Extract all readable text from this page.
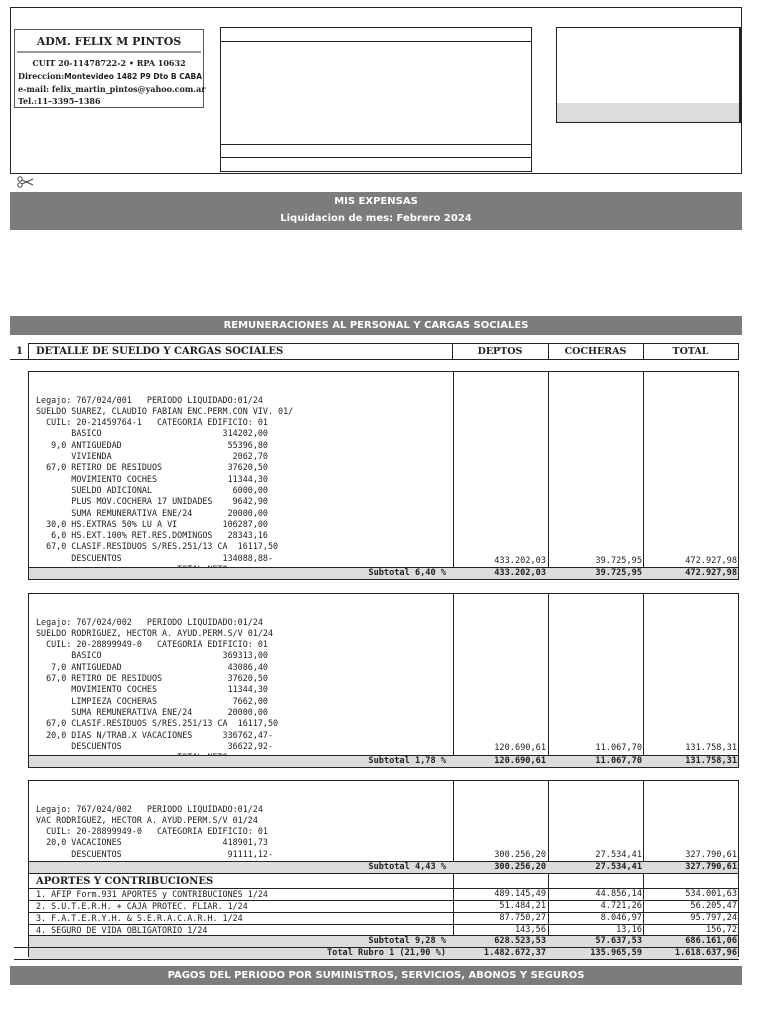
ADM. FELIX M PINTOS
CUIT 20-11478722-2 • RPA 10632
Direccion:Montevideo 1482 P9 Dto B CABA
e-mail: felix_martin_pintos@yahoo.com.ar
Tel.:11–3395–1386
MIS EXPENSAS
Liquidacion de mes: Febrero 2024
REMUNERACIONES AL PERSONAL Y CARGAS SOCIALES
1 DETALLE DE SUELDO Y CARGAS SOCIALES	DEPTOS	COCHERAS	TOTAL

Legajo: 767/024/001   PERIODO LIQUIDADO:01/24
SUELDO SUAREZ, CLAUDIO FABIAN ENC.PERM.CON VIV. 01/
CUIL: 20-21459764-1   CATEGORIA EDIFICIO: 01
BASICO                        314202,00
9,0 ANTIGUEDAD                     55396,80
VIVIENDA                        2062,70
67,0 RETIRO DE RESIDUOS             37620,50
MOVIMIENTO COCHES              11344,30
SUELDO ADICIONAL                6000,00
PLUS MOV.COCHERA 17 UNIDADES    9642,90
SUMA REMUNERATIVA ENE/24       20000,00
30,0 HS.EXTRAS 50% LU A VI         106287,00
6,0 HS.EXT.100% RET.RES.DOMINGOS   28343,16
67,0 CLASIF.RESIDUOS S/RES.251/13 CA  16117,50
DESCUENTOS                    134088,88-	433.202,03	39.725,95	472.927,98
Subtotal 6,40 %	433.202,03	39.725,95	472.927,98

Legajo: 767/024/002   PERIODO LIQUIDADO:01/24
SUELDO RODRIGUEZ, HECTOR A. AYUD.PERM.S/V 01/24
CUIL: 20-28899949-0   CATEGORIA EDIFICIO: 01
BASICO                        369313,00
7,0 ANTIGUEDAD                     43086,40
67,0 RETIRO DE RESIDUOS             37620,50
MOVIMIENTO COCHES              11344,30
LIMPIEZA COCHERAS               7662,00
SUMA REMUNERATIVA ENE/24       20000,00
67,0 CLASIF.RESIDUOS S/RES.251/13 CA  16117,50
20,0 DIAS N/TRAB.X VACACIONES      336762,47-
DESCUENTOS                     36622,92-	120.690,61	11.067,70	131.758,31
Subtotal 1,78 %	120.690,61	11.067,70	131.758,31

Legajo: 767/024/002   PERIODO LIQUIDADO:01/24
VAC RODRIGUEZ, HECTOR A. AYUD.PERM.S/V 01/24
CUIL: 20-28899949-0   CATEGORIA EDIFICIO: 01
20,0 VACACIONES                    418901,73
DESCUENTOS                     91111,12-	300.256,20	27.534,41	327.790,61
Subtotal 4,43 %	300.256,20	27.534,41	327.790,61
APORTES Y CONTRIBUCIONES
1. AFIP Form.931 APORTES y CONTRIBUCIONES 1/24	489.145,49	44.856,14	534.001,63
2. S.U.T.E.R.H. + CAJA PROTEC. FLIAR. 1/24	51.484,21	4.721,26	56.205,47
3. F.A.T.E.R.Y.H. & S.E.R.A.C.A.R.H. 1/24	87.750,27	8.046,97	95.797,24
4. SEGURO DE VIDA OBLIGATORIO 1/24	143,56	13,16	156,72
Subtotal 9,28 %	628.523,53	57.637,53	686.161,06
Total Rubro 1 (21,90 %)	1.482.672,37	135.965,59	1.618.637,96
PAGOS DEL PERIODO POR SUMINISTROS, SERVICIOS, ABONOS Y SEGUROS
